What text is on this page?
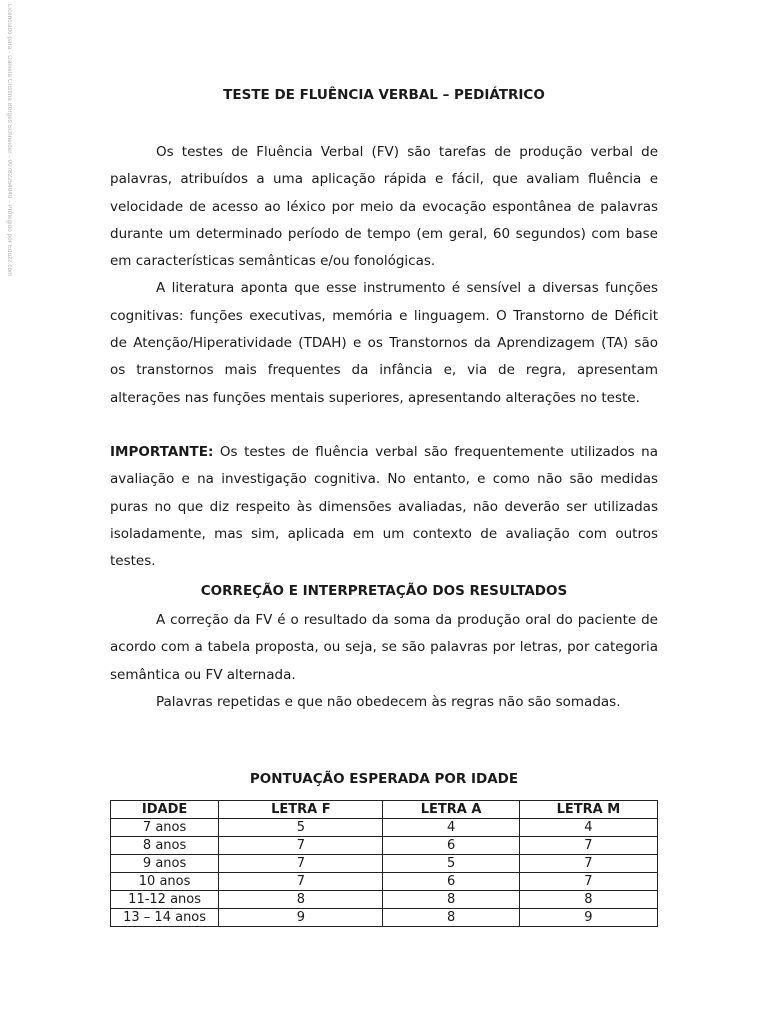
Licenciado para - Daniela Cristina Borges Schneider - 00782254040 - Protegido por Eduzz.com	TESTE DE FLUÊNCIA VERBAL – PEDIÁTRICO

Os testes de Fluência Verbal (FV) são tarefas de produção verbal de palavras, atribuídos a uma aplicação rápida e fácil, que avaliam fluência e velocidade de acesso ao léxico por meio da evocação espontânea de palavras durante um determinado período de tempo (em geral, 60 segundos) com base em características semânticas e/ou fonológicas.

A literatura aponta que esse instrumento é sensível a diversas funções cognitivas: funções executivas, memória e linguagem. O Transtorno de Déficit de Atenção/Hiperatividade (TDAH) e os Transtornos da Aprendizagem (TA) são os transtornos mais frequentes da infância e, via de regra, apresentam alterações nas funções mentais superiores, apresentando alterações no teste.

IMPORTANTE: Os testes de fluência verbal são frequentemente utilizados na avaliação e na investigação cognitiva. No entanto, e como não são medidas puras no que diz respeito às dimensões avaliadas, não deverão ser utilizadas isoladamente, mas sim, aplicada em um contexto de avaliação com outros testes.

CORREÇÃO E INTERPRETAÇÃO DOS RESULTADOS

A correção da FV é o resultado da soma da produção oral do paciente de acordo com a tabela proposta, ou seja, se são palavras por letras, por categoria semântica ou FV alternada.

Palavras repetidas e que não obedecem às regras não são somadas.

PONTUAÇÃO ESPERADA POR IDADE
IDADE	LETRA F	LETRA A	LETRA M
7 anos	5	4	4
8 anos	7	6	7
9 anos	7	5	7
10 anos	7	6	7
11-12 anos	8	8	8
13 – 14 anos	9	8	9
